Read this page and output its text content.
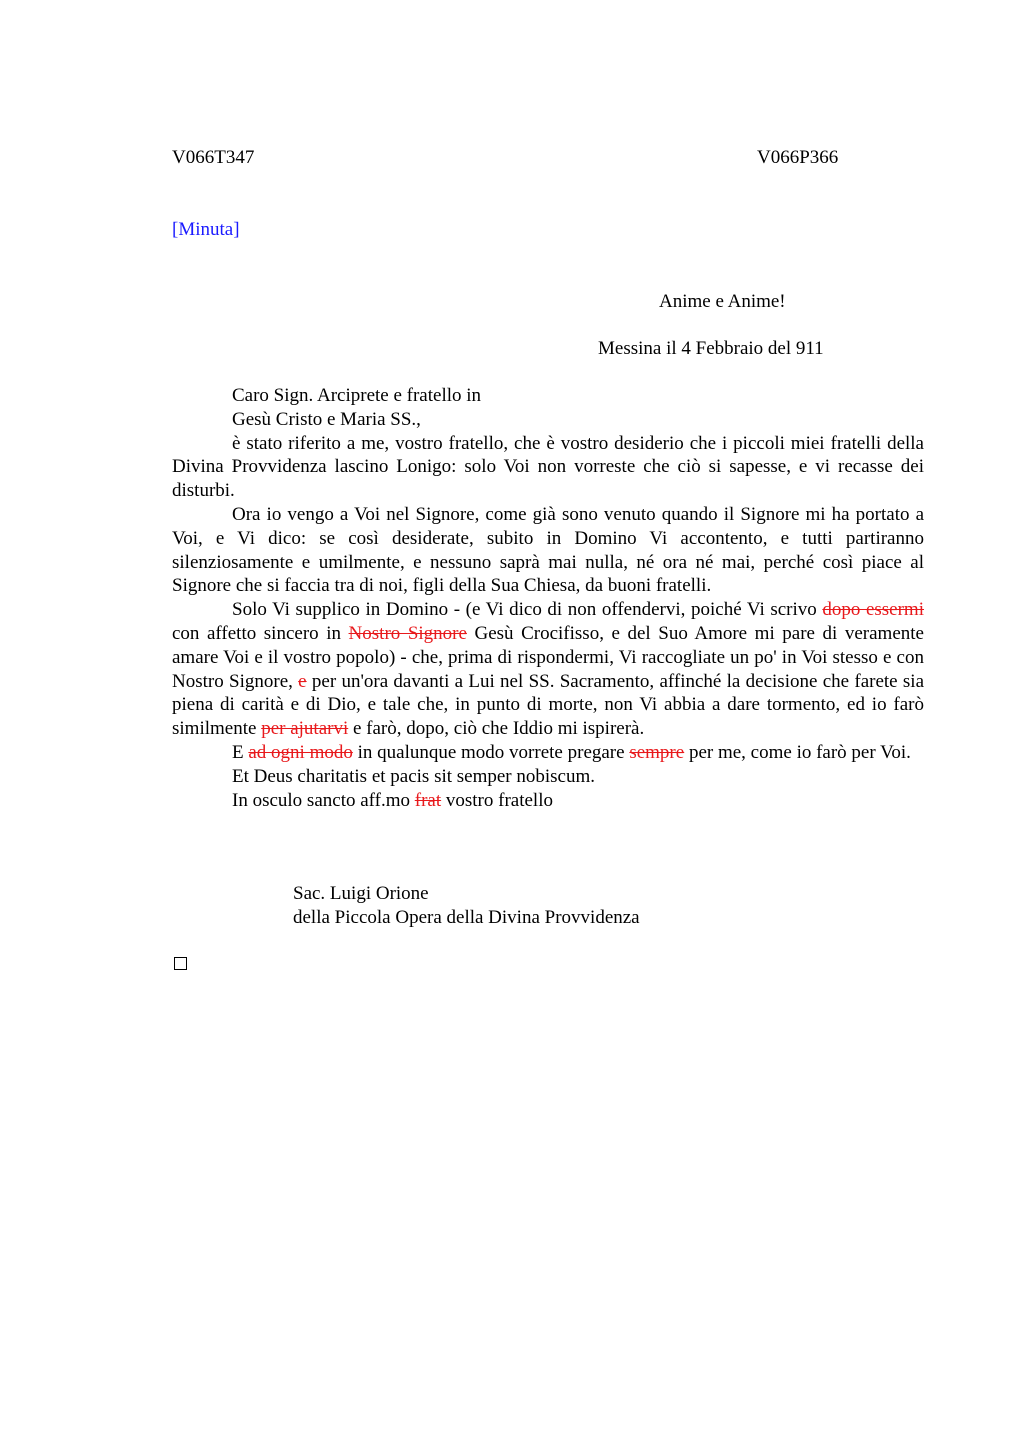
V066T347	V066P366
[Minuta]
Anime e Anime!
Messina il 4 Febbraio del 911
Caro Sign. Arciprete e fratello in
Gesù Cristo e Maria SS.,
è stato riferito a me, vostro fratello, che è vostro desiderio che i piccoli miei fratelli della Divina Provvidenza lascino Lonigo: solo Voi non vorreste che ciò si sapesse, e vi recasse dei disturbi.
Ora io vengo a Voi nel Signore, come già sono venuto quando il Signore mi ha portato a Voi, e Vi dico: se così desiderate, subito in Domino Vi accontento, e tutti partiranno silenziosamente e umilmente, e nessuno saprà mai nulla, né ora né mai, perché così piace al Signore che si faccia tra di noi, figli della Sua Chiesa, da buoni fratelli.
Solo Vi supplico in Domino - (e Vi dico di non offendervi, poiché Vi scrivo dopo essermi con affetto sincero in Nostro Signore Gesù Crocifisso, e del Suo Amore mi pare di veramente amare Voi e il vostro popolo) - che, prima di rispondermi, Vi raccogliate un po' in Voi stesso e con Nostro Signore, e per un'ora davanti a Lui nel SS. Sacramento, affinché la decisione che farete sia piena di carità e di Dio, e tale che, in punto di morte, non Vi abbia a dare tormento, ed io farò similmente per ajutarvi e farò, dopo, ciò che Iddio mi ispirerà.
E ad ogni modo in qualunque modo vorrete pregare sempre per me, come io farò per Voi.
Et Deus charitatis et pacis sit semper nobiscum.
In osculo sancto aff.mo frat vostro fratello
Sac. Luigi Orione
della Piccola Opera della Divina Provvidenza
